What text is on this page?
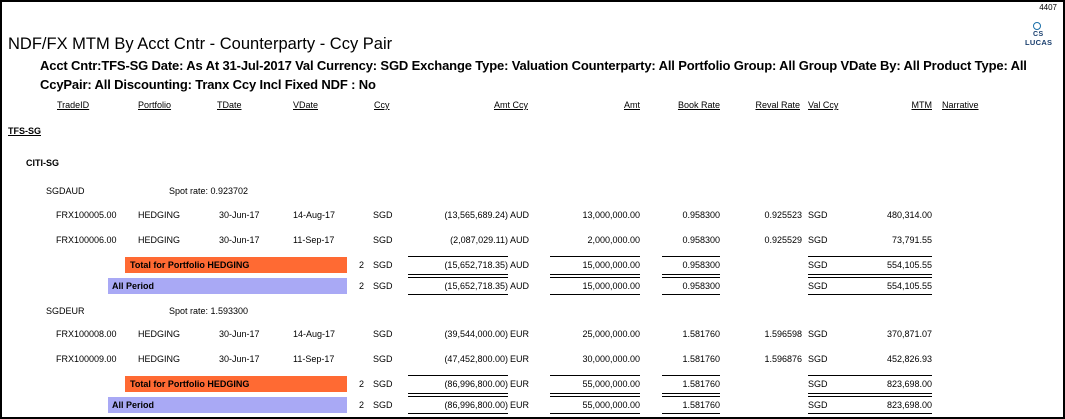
4407
CS
LUCAS
NDF/FX MTM By Acct Cntr - Counterparty - Ccy Pair
Acct Cntr:TFS-SG Date: As At 31-Jul-2017 Val Currency: SGD Exchange Type: Valuation Counterparty: All Portfolio Group: All Group VDate By: All Product Type: All
CcyPair: All Discounting: Tranx Ccy Incl Fixed NDF : No
TradeID	Portfolio	TDate	VDate	Ccy	Amt Ccy	Amt	Book Rate	Reval Rate Val Ccy	MTM Narrative
TFS-SG
CITI-SG
SGDAUD	Spot rate: 0.923702
FRX100005.00 HEDGING	30-Jun-17	14-Aug-17	SGD	(13,565,689.24) AUD	13,000,000.00	0.958300	0.925523 SGD	480,314.00
FRX100006.00 HEDGING	30-Jun-17	11-Sep-17	SGD	(2,087,029.11) AUD	2,000,000.00	0.958300	0.925529 SGD	73,791.55
Total for Portfolio HEDGING	2 SGD	(15,652,718.35) AUD	15,000,000.00	0.958300	SGD	554,105.55
All Period	2 SGD	(15,652,718.35) AUD	15,000,000.00	0.958300	SGD	554,105.55
SGDEUR	Spot rate: 1.593300
FRX100008.00 HEDGING	30-Jun-17	14-Aug-17	SGD	(39,544,000.00) EUR	25,000,000.00	1.581760	1.596598 SGD	370,871.07
FRX100009.00 HEDGING	30-Jun-17	11-Sep-17	SGD	(47,452,800.00) EUR	30,000,000.00	1.581760	1.596876 SGD	452,826.93
Total for Portfolio HEDGING	2 SGD	(86,996,800.00) EUR	55,000,000.00	1.581760	SGD	823,698.00
All Period	2 SGD	(86,996,800.00) EUR	55,000,000.00	1.581760	SGD	823,698.00
